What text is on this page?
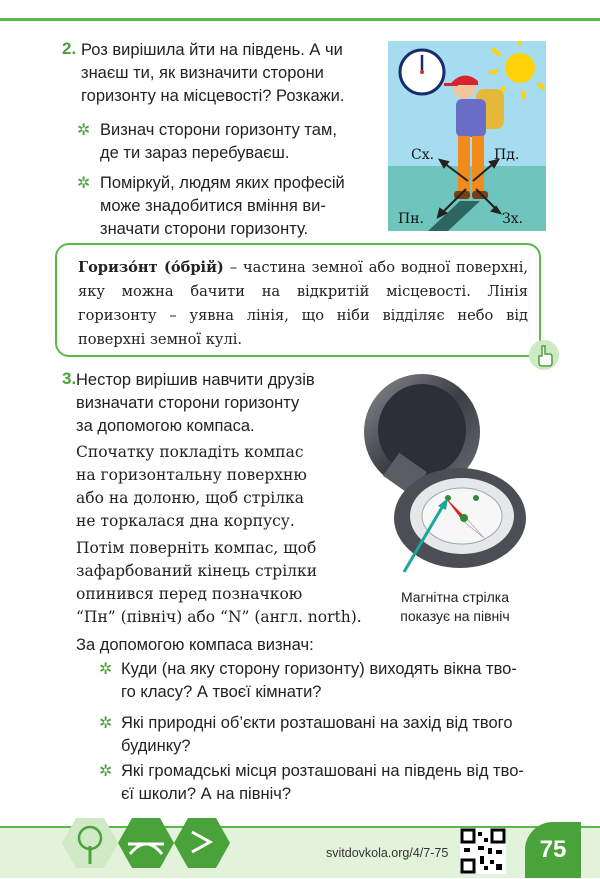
2. Роз вирішила йти на південь. А чи
знаєш ти, як визначити сторони
горизонту на місцевості? Розкажи.
✲ Визнач сторони горизонту там,
де ти зараз перебуваєш.
✲ Поміркуй, людям яких професій
може знадобитися вміння ви-
значати сторони горизонту.
Сх.	Пд.
Пн.	Зх.
Горизо́нт (о́брій) – частина земної або водної поверхні, яку можна бачити на відкритій місцевості. Лінія горизонту – уявна лінія, що ніби відділяє небо від поверхні земної кулі.
3. Нестор вирішив навчити друзів
визначати сторони горизонту
за допомогою компаса.
Спочатку покладіть компас
на горизонтальну поверхню
або на долоню, щоб стрілка
не торкалася дна корпусу.
Потім поверніть компас, щоб
зафарбований кінець стрілки
опинився перед позначкою
“Пн” (північ) або “N” (англ. north).
Магнітна стрілка
показує на північ
За допомогою компаса визнач:
✲ Куди (на яку сторону горизонту) виходять вікна тво-
го класу? А твоєї кімнати?
✲ Які природні об’єкти розташовані на захід від твого
будинку?
✲ Які громадські місця розташовані на південь від тво-
єї школи? А на північ?
svitdovkola.org/4/7-75	75
